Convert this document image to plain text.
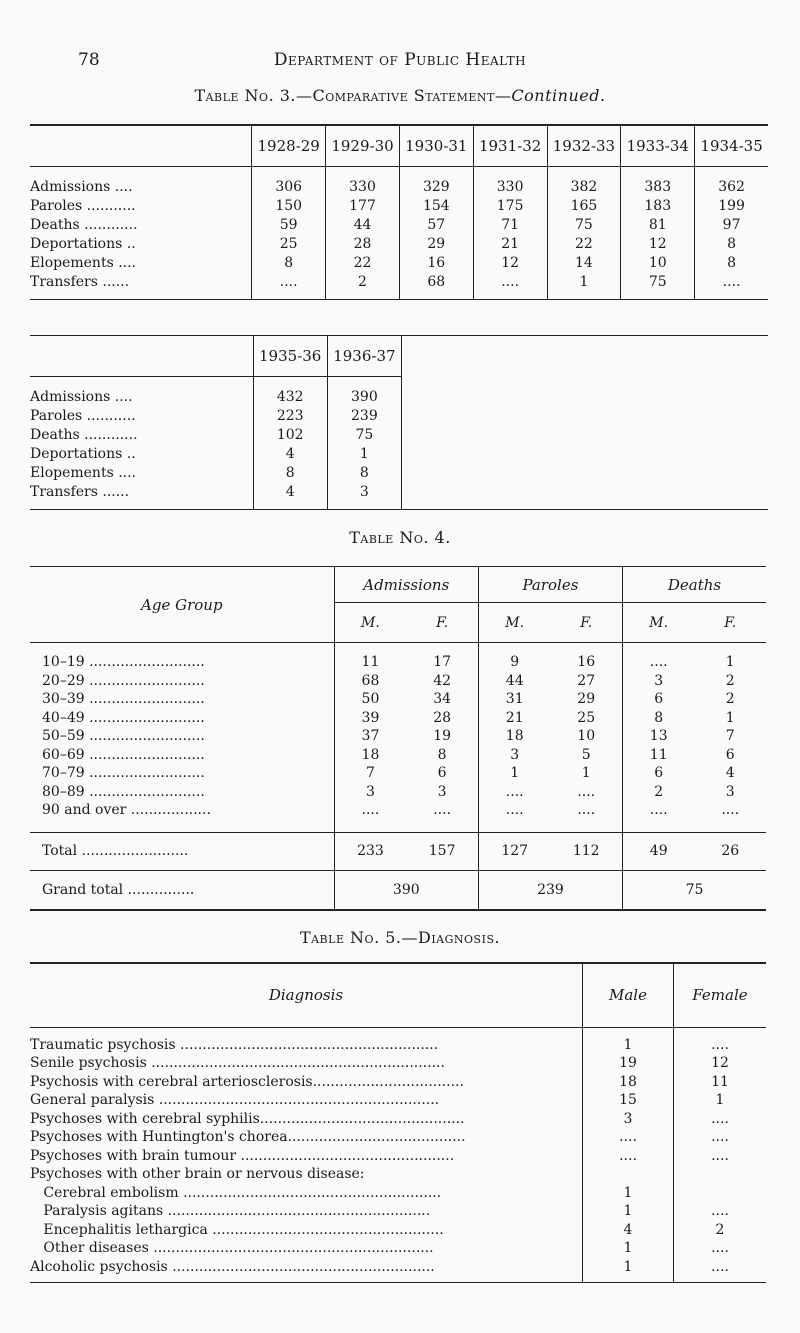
78	Department of Public Health
Table No. 3.—Comparative Statement—Continued.
	1928-29	1929-30	1930-31	1931-32	1932-33	1933-34	1934-35

Admissions ....	306	330	329	330	382	383	362
Paroles ...........	150	177	154	175	165	183	199
Deaths ............	59	44	57	71	75	81	97
Deportations ..	25	28	29	21	22	12	8
Elopements ....	8	22	16	12	14	10	8
Transfers ......	....	2	68	....	1	75	....

	1935-36	1936-37					

Admissions ....	432	390					
Paroles ...........	223	239					
Deaths ............	102	75					
Deportations ..	4	1					
Elopements ....	8	8					
Transfers ......	4	3					

Table No. 4.
Age Group	Admissions		Paroles		Deaths	
	M.	F.	M.	F.	M.	F.

10–19 ..........................	11	17	9	16	....	1
20–29 ..........................	68	42	44	27	3	2
30–39 ..........................	50	34	31	29	6	2
40–49 ..........................	39	28	21	25	8	1
50–59 ..........................	37	19	18	10	13	7
60–69 ..........................	18	8	3	5	11	6
70–79 ..........................	7	6	1	1	6	4
80–89 ..........................	3	3	....	....	2	3
90 and over ..................	....	....	....	....	....	....

Total ........................	233	157	127	112	49	26
Grand total ...............	390		239		75	
Table No. 5.—Diagnosis.
Diagnosis	Male	Female

Traumatic psychosis ..........................................................	1	....
Senile psychosis ..................................................................	19	12
Psychosis with cerebral arteriosclerosis..................................	18	11
General paralysis ...............................................................	15	1
Psychoses with cerebral syphilis..............................................	3	....
Psychoses with Huntington's chorea........................................	....	....
Psychoses with brain tumour ................................................	....	....
Psychoses with other brain or nervous disease:		
Cerebral embolism ..........................................................	1	
Paralysis agitans ...........................................................	1	....
Encephalitis lethargica ....................................................	4	2
Other diseases ...............................................................	1	....
Alcoholic psychosis ...........................................................	1	....
